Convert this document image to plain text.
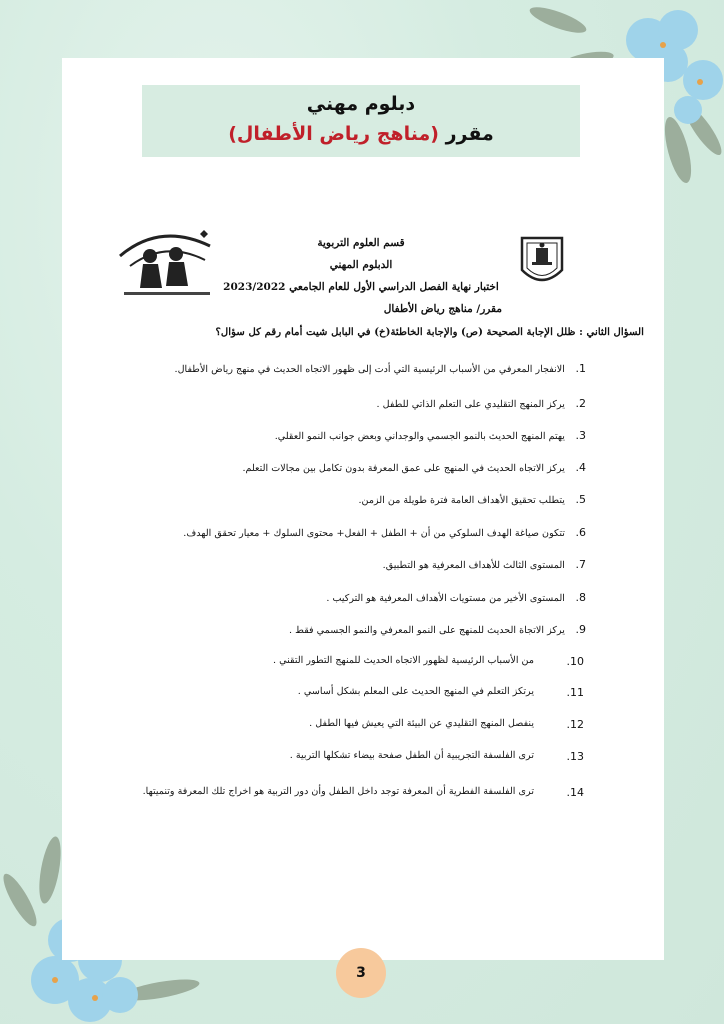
دبلوم مهني
مقرر (مناهج رياض الأطفال)
قسم العلوم التربوية
الدبلوم المهني
اختبار نهاية الفصل الدراسي الأول للعام الجامعي 2023/2022
مقرر/ مناهج رياض الأطفال
السؤال الثاني : ظلل الإجابة الصحيحة (ص) والإجابة الخاطئة(خ) في البابل شيت أمام رقم كل سؤال؟
1. الانفجار المعرفي من الأسباب الرئيسية التي أدت إلى ظهور الاتجاه الحديث في منهج رياض الأطفال.
2. يركز المنهج التقليدي على التعلم الذاتي للطفل .
3. يهتم المنهج الحديث بالنمو الجسمي والوجداني وبعض جوانب النمو العقلي.
4. يركز الاتجاه الحديث في المنهج على عمق المعرفة بدون تكامل بين مجالات التعلم.
5. يتطلب تحقيق الأهداف العامة فترة طويلة من الزمن.
6. تتكون صياغة الهدف السلوكي من أن + الطفل + الفعل+ محتوى السلوك + معيار تحقق الهدف.
7. المستوى الثالث للأهداف المعرفية هو التطبيق.
8. المستوى الأخير من مستويات الأهداف المعرفية هو التركيب .
9. يركز الاتجاة الحديث للمنهج على النمو المعرفي والنمو الجسمي فقط .
10.
من الأسباب الرئيسية لظهور الاتجاه الحديث للمنهج التطور التقني .
11.
يرتكز التعلم في المنهج الحديث على المعلم بشكل أساسي .
12.
ينفصل المنهج التقليدي عن البيئة التي يعيش فيها الطفل .
13.
ترى الفلسفة التجريبية أن الطفل صفحة بيضاء تشكلها التربية .
14.
ترى الفلسفة الفطرية أن المعرفة توجد داخل الطفل وأن دور التربية هو اخراج تلك المعرفة وتنميتها.
3
